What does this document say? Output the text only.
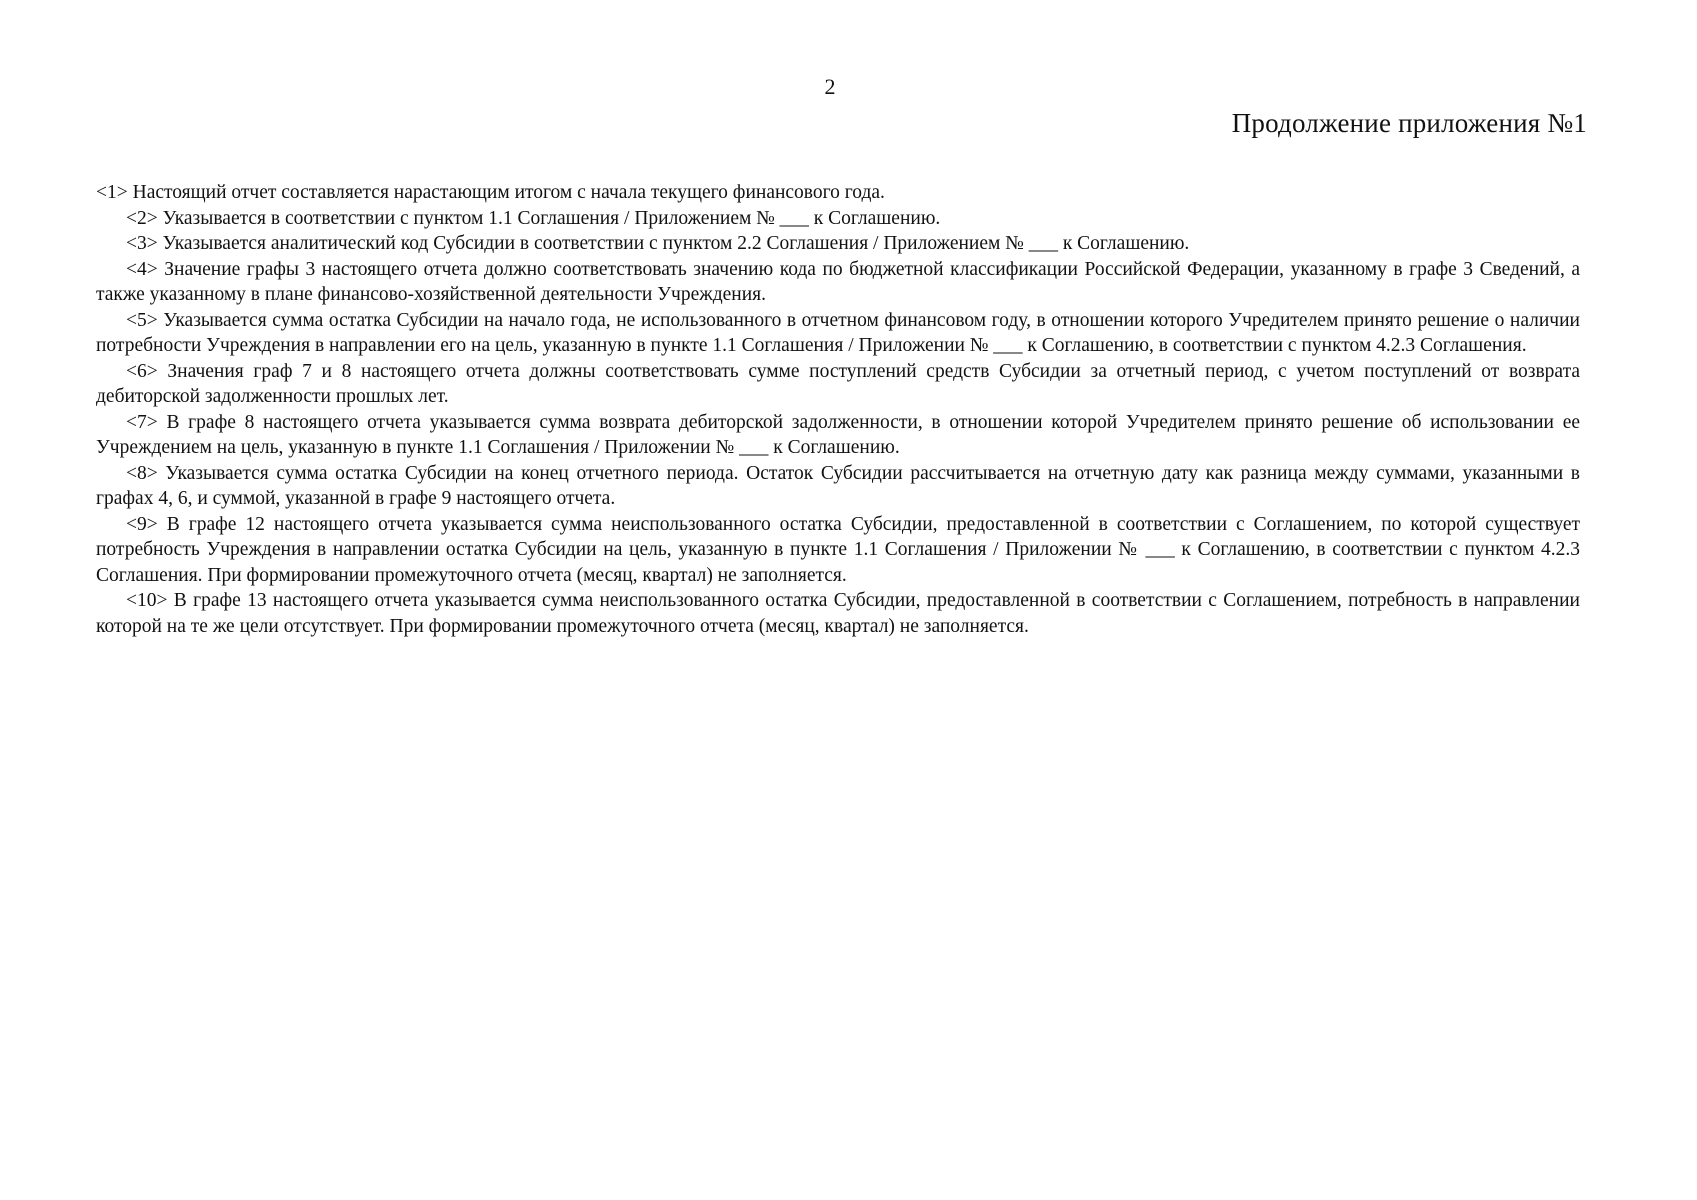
2
Продолжение приложения №1

<1> Настоящий отчет составляется нарастающим итогом с начала текущего финансового года.

<2> Указывается в соответствии с пунктом 1.1 Соглашения / Приложением № ___ к Соглашению.

<3> Указывается аналитический код Субсидии в соответствии с пунктом 2.2 Соглашения / Приложением № ___ к Соглашению.

<4> Значение графы 3 настоящего отчета должно соответствовать значению кода по бюджетной классификации Российской Федерации, указанному в графе 3 Сведений, а также указанному в плане финансово-хозяйственной деятельности Учреждения.

<5> Указывается сумма остатка Субсидии на начало года, не использованного в отчетном финансовом году, в отношении которого Учредителем принято решение о наличии потребности Учреждения в направлении его на цель, указанную в пункте 1.1 Соглашения / Приложении № ___ к Соглашению, в соответствии с пунктом 4.2.3 Соглашения.

<6> Значения граф 7 и 8 настоящего отчета должны соответствовать сумме поступлений средств Субсидии за отчетный период, с учетом поступлений от возврата дебиторской задолженности прошлых лет.

<7> В графе 8 настоящего отчета указывается сумма возврата дебиторской задолженности, в отношении которой Учредителем принято решение об использовании ее Учреждением на цель, указанную в пункте 1.1 Соглашения / Приложении № ___ к Соглашению.

<8> Указывается сумма остатка Субсидии на конец отчетного периода. Остаток Субсидии рассчитывается на отчетную дату как разница между суммами, указанными в графах 4, 6, и суммой, указанной в графе 9 настоящего отчета.

<9> В графе 12 настоящего отчета указывается сумма неиспользованного остатка Субсидии, предоставленной в соответствии с Соглашением, по которой существует потребность Учреждения в направлении остатка Субсидии на цель, указанную в пункте 1.1 Соглашения / Приложении № ___ к Соглашению, в соответствии с пунктом 4.2.3 Соглашения. При формировании промежуточного отчета (месяц, квартал) не заполняется.

<10> В графе 13 настоящего отчета указывается сумма неиспользованного остатка Субсидии, предоставленной в соответствии с Соглашением, потребность в направлении которой на те же цели отсутствует. При формировании промежуточного отчета (месяц, квартал) не заполняется.
